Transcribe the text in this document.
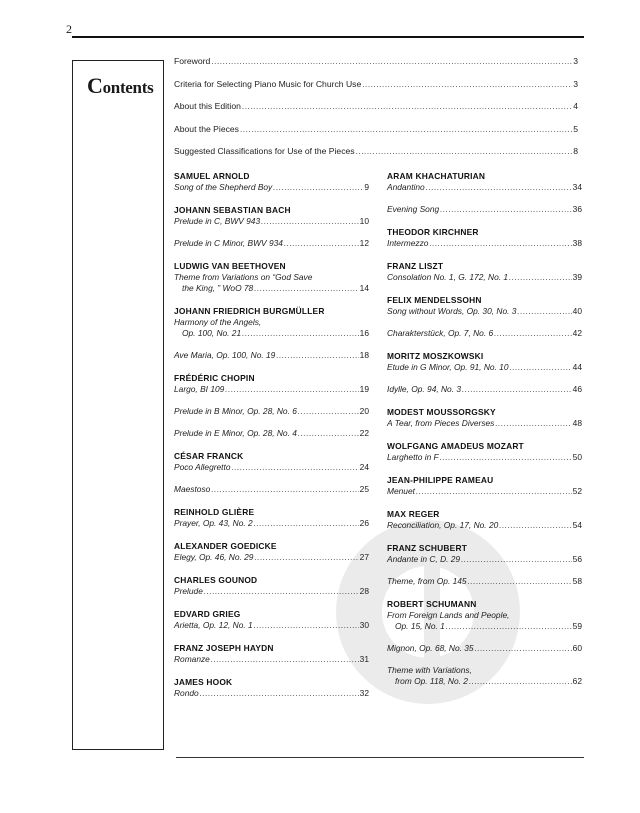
2
Contents
Foreword .....	3
Criteria for Selecting Piano Music for Church Use .....	3
About this Edition .....	4
About the Pieces .....	5
Suggested Classifications for Use of the Pieces .....	8
SAMUEL ARNOLD
Song of the Shepherd Boy .....	9
JOHANN SEBASTIAN BACH
Prelude in C, BWV 943 .....	10
Prelude in C Minor, BWV 934 .....	12
LUDWIG VAN BEETHOVEN
Theme from Variations on “God Save
the King, ” WoO 78 .....	14
JOHANN FRIEDRICH BURGMÜLLER
Harmony of the Angels,
Op. 100, No. 21 .....	16
Ave Maria, Op. 100, No. 19 .....	18
FRÉDÉRIC CHOPIN
Largo, BI 109 .....	19
Prelude in B Minor, Op. 28, No. 6 .....	20
Prelude in E Minor, Op. 28, No. 4 .....	22
CÉSAR FRANCK
Poco Allegretto .....	24
Maestoso .....	25
REINHOLD GLIÈRE
Prayer, Op. 43, No. 2 .....	26
ALEXANDER GOEDICKE
Elegy, Op. 46, No. 29 .....	27
CHARLES GOUNOD
Prelude .....	28
EDVARD GRIEG
Arietta, Op. 12, No. 1 .....	30
FRANZ JOSEPH HAYDN
Romanze .....	31
JAMES HOOK
Rondo .....	32
ARAM KHACHATURIAN
Andantino .....	34
Evening Song .....	36
THEODOR KIRCHNER
Intermezzo .....	38
FRANZ LISZT
Consolation No. 1, G. 172, No. 1 .....	39
FELIX MENDELSSOHN
Song without Words, Op. 30, No. 3 .....	40
Charakterstück, Op. 7, No. 6 .....	42
MORITZ MOSZKOWSKI
Etude in G Minor, Op. 91, No. 10 .....	44
Idylle, Op. 94, No. 3 .....	46
MODEST MOUSSORGSKY
A Tear, from Pieces Diverses .....	48
WOLFGANG AMADEUS MOZART
Larghetto in F .....	50
JEAN-PHILIPPE RAMEAU
Menuet .....	52
MAX REGER
Reconciliation, Op. 17, No. 20 .....	54
FRANZ SCHUBERT
Andante in C, D. 29 .....	56
Theme, from Op. 145 .....	58
ROBERT SCHUMANN
From Foreign Lands and People,
Op. 15, No. 1 .....	59
Mignon, Op. 68, No. 35 .....	60
Theme with Variations,
from Op. 118, No. 2 .....	62
